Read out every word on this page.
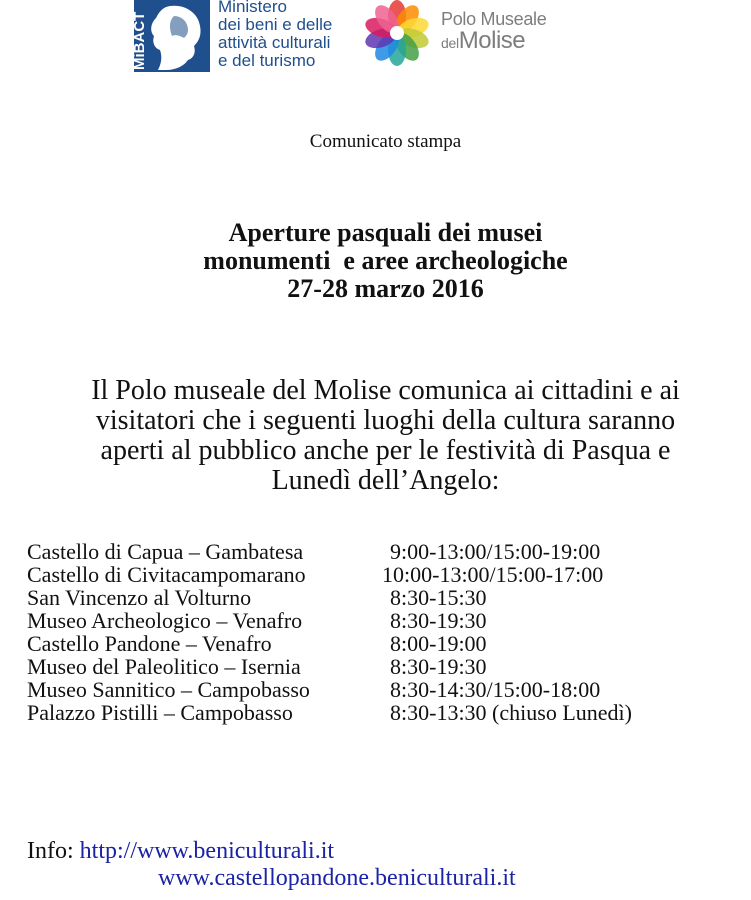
MiBACT
Ministero
dei beni e delle
attività culturali
e del turismo
Polo Museale
delMolise
Comunicato stampa
Aperture pasquali dei musei
monumenti  e aree archeologiche
27-28 marzo 2016
Il Polo museale del Molise comunica ai cittadini e ai
visitatori che i seguenti luoghi della cultura saranno
aperti al pubblico anche per le festività di Pasqua e
Lunedì dell’Angelo:
Castello di Capua – Gambatesa	9:00-13:00/15:00-19:00
Castello di Civitacampomarano	10:00-13:00/15:00-17:00
San Vincenzo al Volturno	8:30-15:30
Museo Archeologico – Venafro	8:30-19:30
Castello Pandone – Venafro	8:00-19:00
Museo del Paleolitico – Isernia	8:30-19:30
Museo Sannitico – Campobasso	8:30-14:30/15:00-18:00
Palazzo Pistilli – Campobasso	8:30-13:30 (chiuso Lunedì)
Info: http://www.beniculturali.it
www.castellopandone.beniculturali.it
